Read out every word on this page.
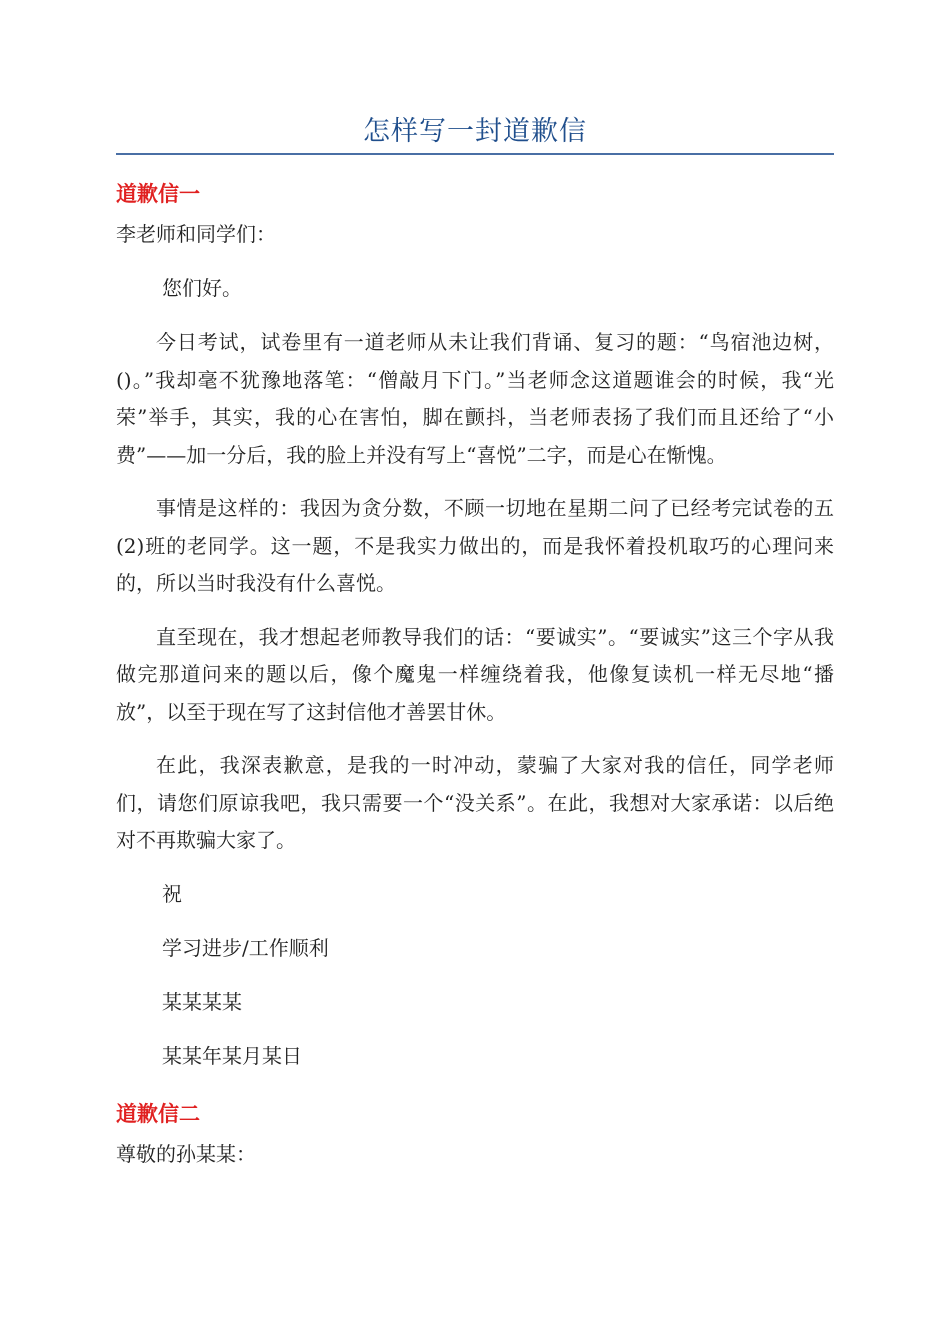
怎样写一封道歉信
道歉信一

李老师和同学们：

您们好。

今日考试，试卷里有一道老师从未让我们背诵、复习的题：“鸟宿池边树，()。”我却毫不犹豫地落笔：“僧敲月下门。”当老师念这道题谁会的时候，我“光荣”举手，其实，我的心在害怕，脚在颤抖，当老师表扬了我们而且还给了“小费”——加一分后，我的脸上并没有写上“喜悦”二字，而是心在惭愧。

事情是这样的：我因为贪分数，不顾一切地在星期二问了已经考完试卷的五(2)班的老同学。这一题，不是我实力做出的，而是我怀着投机取巧的心理问来的，所以当时我没有什么喜悦。

直至现在，我才想起老师教导我们的话：“要诚实”。“要诚实”这三个字从我做完那道问来的题以后，像个魔鬼一样缠绕着我，他像复读机一样无尽地“播放”，以至于现在写了这封信他才善罢甘休。

在此，我深表歉意，是我的一时冲动，蒙骗了大家对我的信任，同学老师们，请您们原谅我吧，我只需要一个“没关系”。在此，我想对大家承诺：以后绝对不再欺骗大家了。

祝

学习进步/工作顺利

某某某某

某某年某月某日

道歉信二

尊敬的孙某某：
